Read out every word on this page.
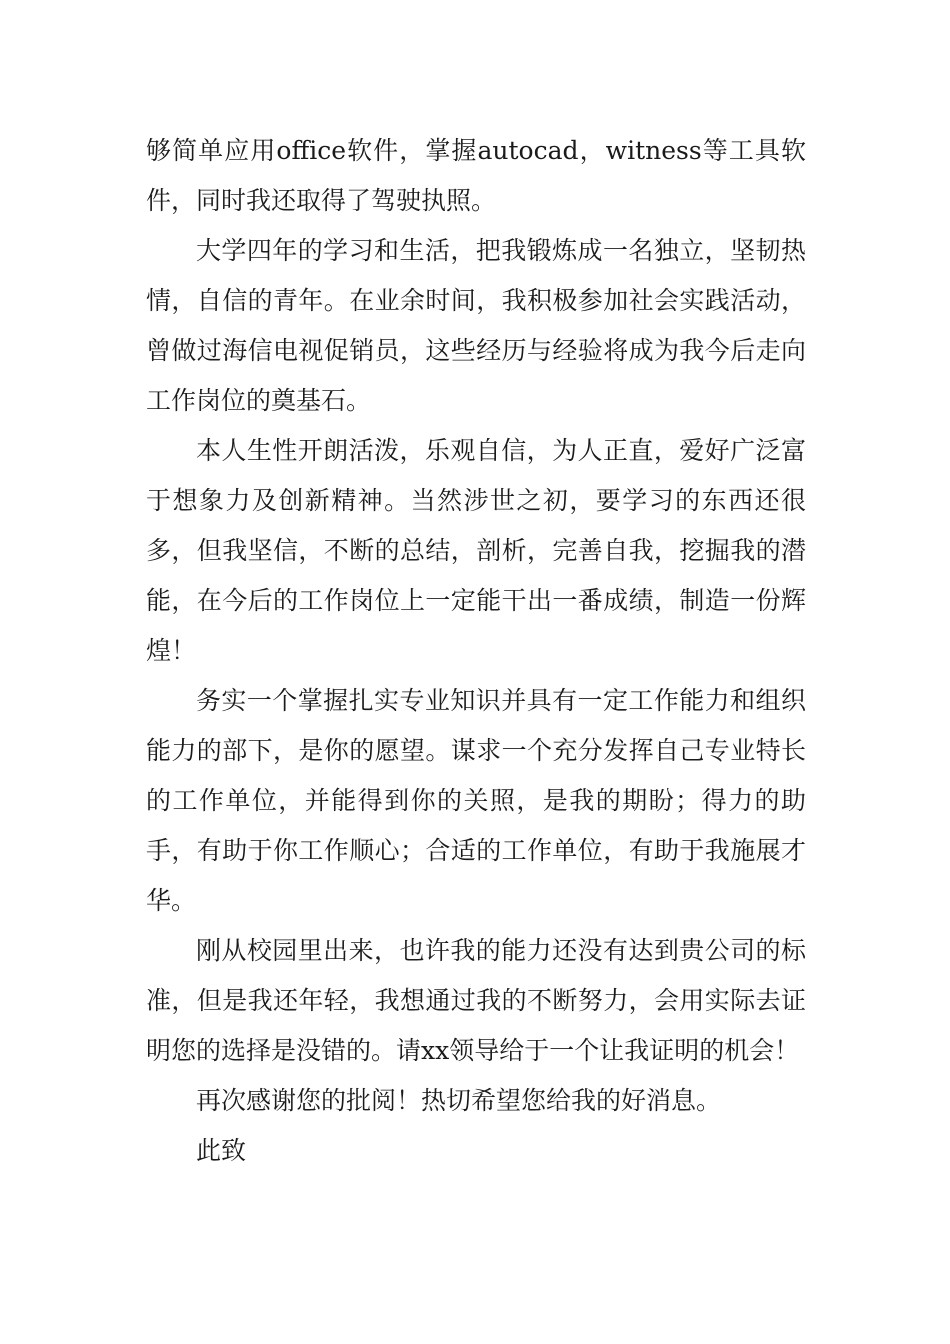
够简单应用office软件，掌握autocad，witness等工具软件，同时我还取得了驾驶执照。

大学四年的学习和生活，把我锻炼成一名独立，坚韧热情，自信的青年。在业余时间，我积极参加社会实践活动，曾做过海信电视促销员，这些经历与经验将成为我今后走向工作岗位的奠基石。

本人生性开朗活泼，乐观自信，为人正直，爱好广泛富于想象力及创新精神。当然涉世之初，要学习的东西还很多，但我坚信，不断的总结，剖析，完善自我，挖掘我的潜能，在今后的工作岗位上一定能干出一番成绩，制造一份辉煌！

务实一个掌握扎实专业知识并具有一定工作能力和组织能力的部下，是你的愿望。谋求一个充分发挥自己专业特长的工作单位，并能得到你的关照，是我的期盼；得力的助手，有助于你工作顺心；合适的工作单位，有助于我施展才华。

刚从校园里出来，也许我的能力还没有达到贵公司的标准，但是我还年轻，我想通过我的不断努力，会用实际去证明您的选择是没错的。请xx领导给于一个让我证明的机会！

再次感谢您的批阅！热切希望您给我的好消息。

此致
